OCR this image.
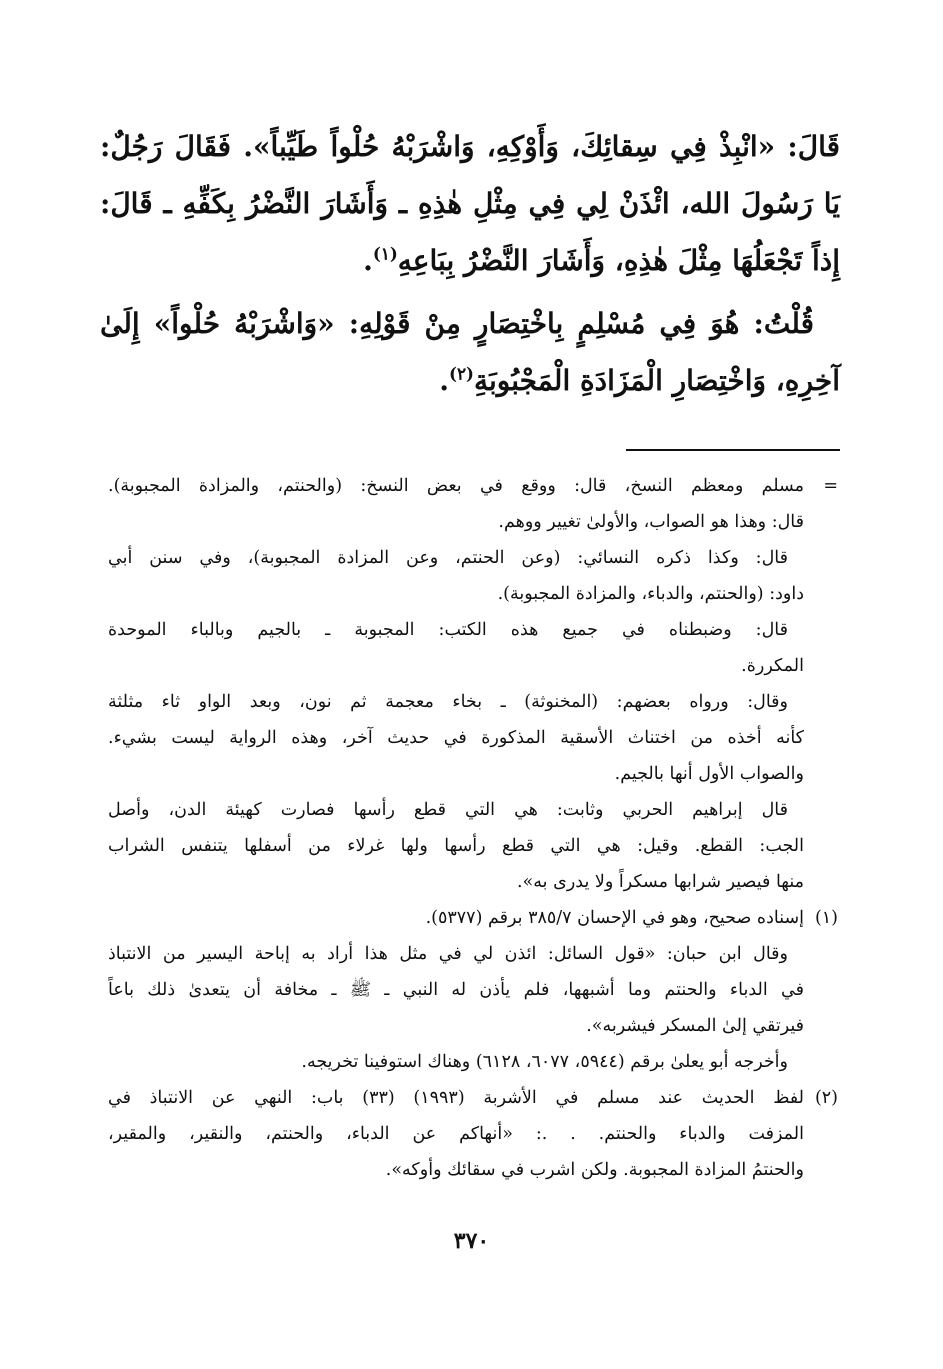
قَالَ: «انْبِذْ فِي سِقائِكَ، وَأَوْكِهِ، وَاشْرَبْهُ حُلْواً طَيِّباً». فَقَالَ رَجُلٌ: يَا رَسُولَ الله، ائْذَنْ لِي فِي مِثْلِ هٰذِهِ ـ وَأَشَارَ النَّضْرُ بِكَفِّهِ ـ قَالَ: إِذاً تَجْعَلُهَا مِثْلَ هٰذِهِ، وَأَشَارَ النَّضْرُ بِبَاعِهِ$^{(١)}$.

قُلْتُ: هُوَ فِي مُسْلِمٍ بِاخْتِصَارٍ مِنْ قَوْلِهِ: «وَاشْرَبْهُ حُلْواً» إِلَىٰ آخِرِهِ، وَاخْتِصَارِ الْمَزَادَةِ الْمَجْبُوبَةِ$^{(٢)}$.

=
مسلم ومعظم النسخ، قال: ووقع في بعض النسخ: (والحنتم، والمزادة المجبوبة).
قال: وهذا هو الصواب، والأولىٰ تغيير ووهم.
قال: وكذا ذكره النسائي: (وعن الحنتم، وعن المزادة المجبوبة)، وفي سنن أبي
داود: (والحنتم، والدباء، والمزادة المجبوبة).
قال: وضبطناه في جميع هذه الكتب: المجبوبة ـ بالجيم وبالباء الموحدة
المكررة.
وقال: ورواه بعضهم: (المخنوثة) ـ بخاء معجمة ثم نون، وبعد الواو ثاء مثلثة
كأنه أخذه من اختناث الأسقية المذكورة في حديث آخر، وهذه الرواية ليست بشيء.
والصواب الأول أنها بالجيم.
قال إبراهيم الحربي وثابت: هي التي قطع رأسها فصارت كهيئة الدن، وأصل
الجب: القطع. وقيل: هي التي قطع رأسها ولها غرلاء من أسفلها يتنفس الشراب
منها فيصير شرابها مسكراً ولا يدرى به».
(١)
إسناده صحيح، وهو في الإحسان ٣٨٥/٧ برقم (٥٣٧٧).
وقال ابن حبان: «قول السائل: ائذن لي في مثل هذا أراد به إباحة اليسير من الانتباذ
في الدباء والحنتم وما أشبهها، فلم يأذن له النبي ـ ﷺ ـ مخافة أن يتعدىٰ ذلك باعاً
فيرتقي إلىٰ المسكر فيشربه».
وأخرجه أبو يعلىٰ برقم (٥٩٤٤، ٦٠٧٧، ٦١٢٨) وهناك استوفينا تخريجه.
(٢)
لفظ الحديث عند مسلم في الأشربة (١٩٩٣) (٣٣) باب: النهي عن الانتباذ في
المزفت والدباء والحنتم. . .: «أنهاكم عن الدباء، والحنتم، والنقير، والمقير،
والحنتمُ المزادة المجبوبة. ولكن اشرب في سقائك وأوكه».
٣٧٠
